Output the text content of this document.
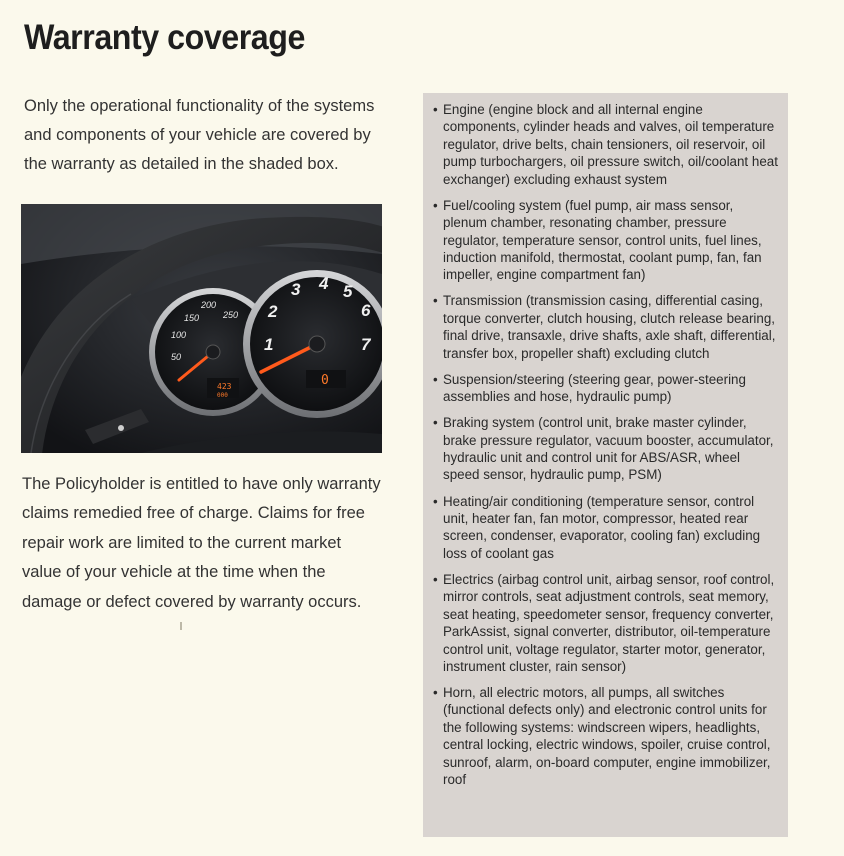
Warranty coverage
Only the operational functionality of the systems and components of your vehicle are covered by the warranty as detailed in the shaded box.
50
100
150
200
250
1
2
3 4 5
6
7
423
000
0
The Policyholder is entitled to have only warranty claims remedied free of charge. Claims for free repair work are limited to the current market value of your vehicle at the time when the damage or defect covered by warranty occurs.
• Engine (engine block and all internal engine components, cylinder heads and valves, oil temperature regulator, drive belts, chain tensioners, oil reservoir, oil pump turbochargers, oil pressure switch, oil/coolant heat exchanger) excluding exhaust system
• Fuel/cooling system (fuel pump, air mass sensor, plenum chamber, resonating chamber, pressure regulator, temperature sensor, control units, fuel lines, induction manifold, thermostat, coolant pump, fan, fan impeller, engine compartment fan)
• Transmission (transmission casing, differential casing, torque converter, clutch housing, clutch release bearing, final drive, transaxle, drive shafts, axle shaft, differential, transfer box, propeller shaft) excluding clutch
• Suspension/steering (steering gear, power-steering assemblies and hose, hydraulic pump)
• Braking system (control unit, brake master cylinder, brake pressure regulator, vacuum booster, accumulator, hydraulic unit and control unit for ABS/ASR, wheel speed sensor, hydraulic pump, PSM)
• Heating/air conditioning (temperature sensor, control unit, heater fan, fan motor, compressor, heated rear screen, condenser, evaporator, cooling fan) excluding loss of coolant gas
• Electrics (airbag control unit, airbag sensor, roof control, mirror controls, seat adjustment controls, seat memory, seat heating, speedometer sensor, frequency converter, ParkAssist, signal converter, distributor, oil-temperature control unit, voltage regulator, starter motor, generator, instrument cluster, rain sensor)
• Horn, all electric motors, all pumps, all switches (functional defects only) and electronic control units for the following systems: windscreen wipers, headlights, central locking, electric windows, spoiler, cruise control, sunroof, alarm, on-board computer, engine immobilizer, roof
